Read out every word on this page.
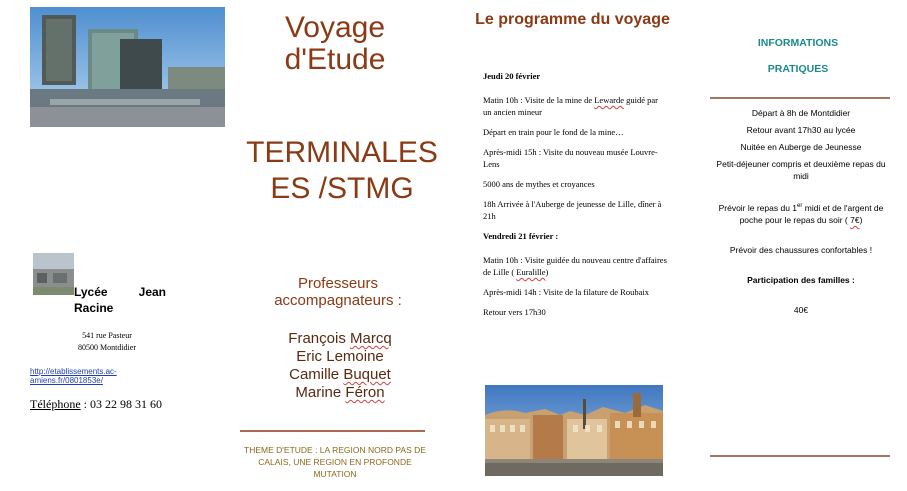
Lycée Jean Racine
541 rue Pasteur
80500 Montdidier
http://etablissements.ac-amiens.fr/0801853e/
Téléphone : 03 22 98 31 60
Voyage
d'Etude
TERMINALES
ES /STMG
Professeurs
accompagnateurs :
François Marcq
Eric Lemoine
Camille Buquet
Marine Féron
THEME D'ETUDE : LA REGION NORD PAS DE CALAIS, UNE REGION EN PROFONDE MUTATION
Le programme du voyage

Jeudi 20 février

Matin 10h : Visite de la mine de Lewarde guidé par un ancien mineur

Départ en train pour le fond de la mine…

Après-midi 15h : Visite du nouveau musée Louvre-Lens

5000 ans de mythes et croyances

18h Arrivée à l'Auberge de jeunesse de Lille, dîner à 21h

Vendredi 21 février :

Matin 10h : Visite guidée du nouveau centre d'affaires de Lille ( Euralille)

Après-midi 14h : Visite de la filature de Roubaix

Retour vers 17h30

INFORMATIONS
PRATIQUES

Départ à 8h de Montdidier

Retour avant 17h30 au lycée

Nuitée en Auberge de Jeunesse

Petit-déjeuner compris et deuxième repas du midi

Prévoir le repas du 1er midi et de l'argent de poche pour le repas du soir ( 7€)

Prévoir des chaussures confortables !

Participation des familles :

40€
